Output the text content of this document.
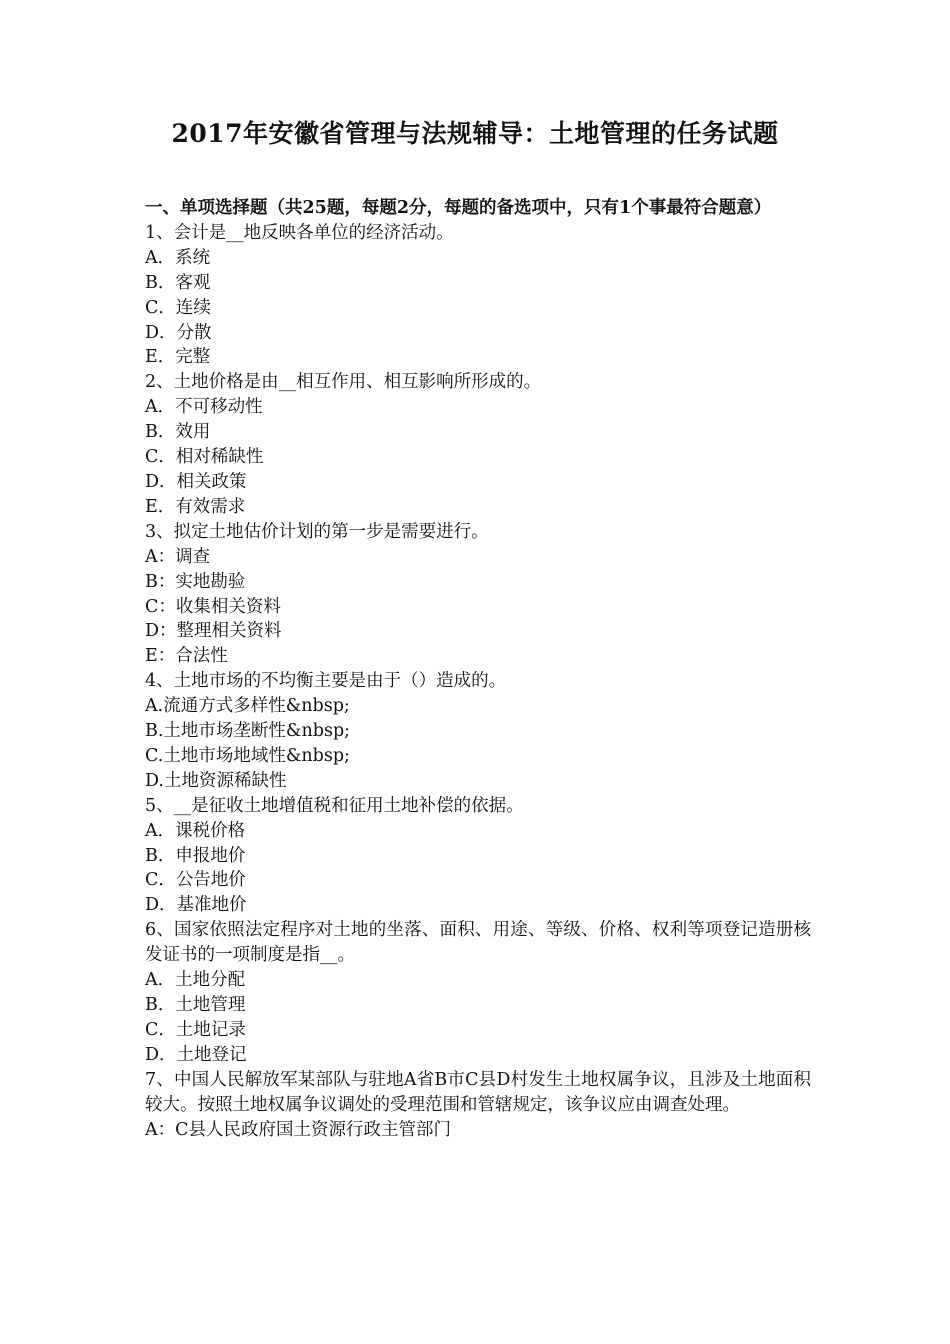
2017年安徽省管理与法规辅导：土地管理的任务试题
一、单项选择题（共25题，每题2分，每题的备选项中，只有1个事最符合题意）
1、会计是__地反映各单位的经济活动。
A．系统
B．客观
C．连续
D．分散
E．完整
2、土地价格是由__相互作用、相互影响所形成的。
A．不可移动性
B．效用
C．相对稀缺性
D．相关政策
E．有效需求
3、拟定土地估价计划的第一步是需要进行。
A：调查
B：实地勘验
C：收集相关资料
D：整理相关资料
E：合法性
4、土地市场的不均衡主要是由于（）造成的。
A.流通方式多样性&nbsp;
B.土地市场垄断性&nbsp;
C.土地市场地域性&nbsp;
D.土地资源稀缺性
5、__是征收土地增值税和征用土地补偿的依据。
A．课税价格
B．申报地价
C．公告地价
D．基准地价
6、国家依照法定程序对土地的坐落、面积、用途、等级、价格、权利等项登记造册核发证书的一项制度是指__。
A．土地分配
B．土地管理
C．土地记录
D．土地登记
7、中国人民解放军某部队与驻地A省B市C县D村发生土地权属争议，且涉及土地面积较大。按照土地权属争议调处的受理范围和管辖规定，该争议应由调查处理。
A：C县人民政府国土资源行政主管部门
